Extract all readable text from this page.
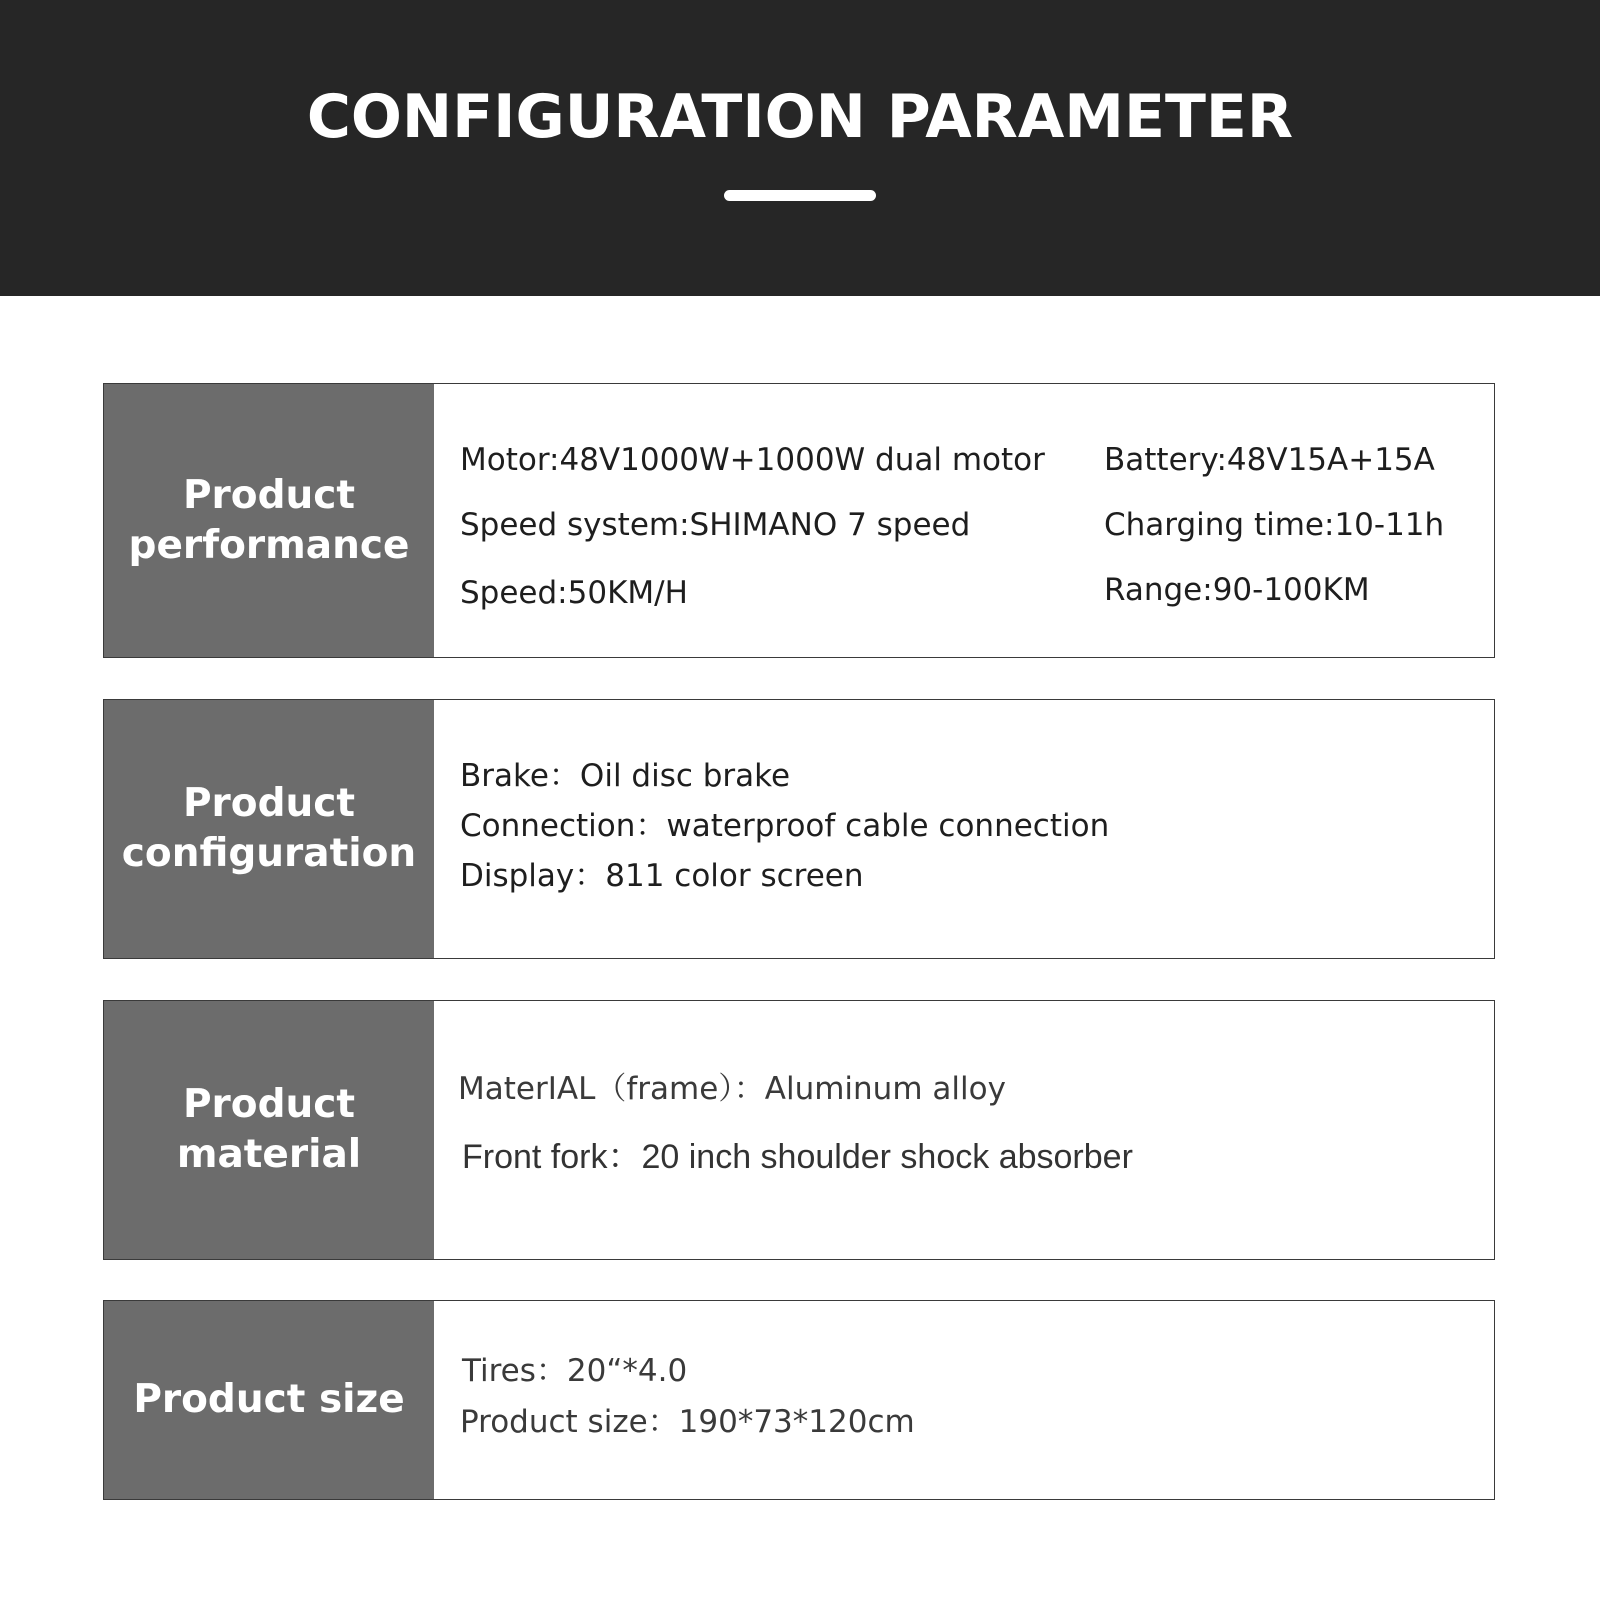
CONFIGURATION PARAMETER
Product performance
Motor:48V1000W+1000W dual motor
Speed system:SHIMANO 7 speed
Speed:50KM/H
Battery:48V15A+15A
Charging time:10-11h
Range:90-100KM
Product configuration
Brake：Oil disc brake
Connection：waterproof cable connection
Display：811 color screen
Product material
MaterIAL（frame）：Aluminum alloy
Front fork：20 inch shoulder shock absorber
Product size
Tires：20“*4.0
Product size：190*73*120cm
